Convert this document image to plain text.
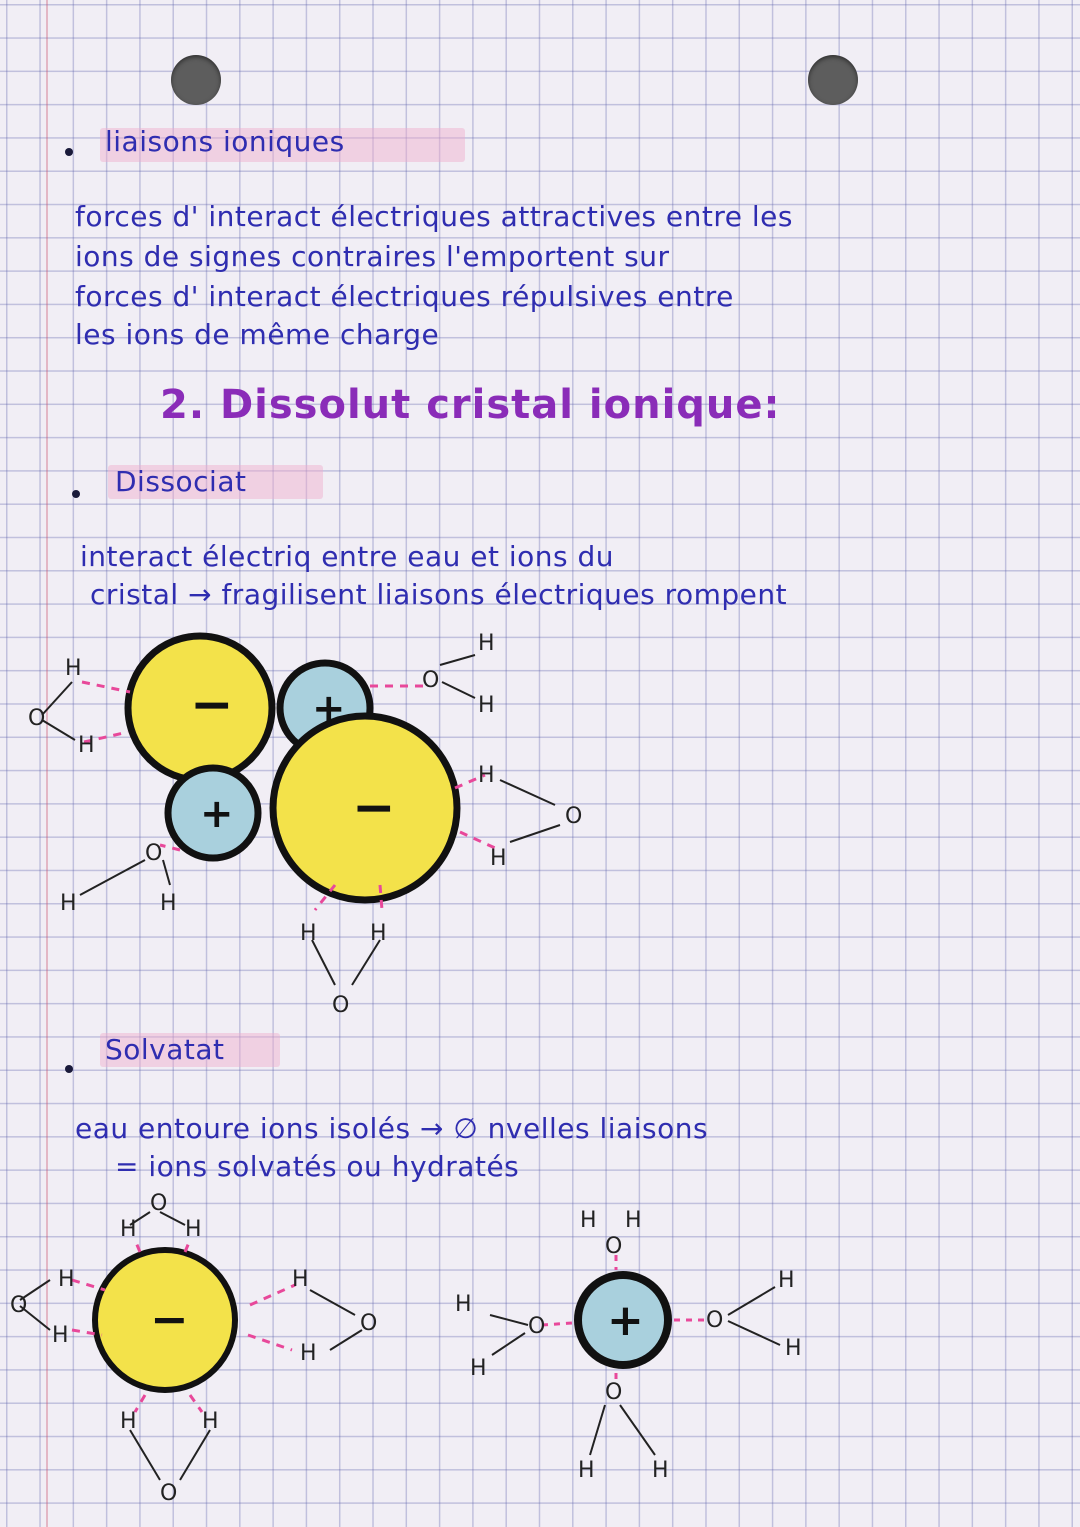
liaisons ioniques
forces d' interact électriques attractives entre les
ions de signes contraires l'emportent sur
forces d' interact électriques répulsives entre
les ions de même charge
2. Dissolut cristal ionique:
Dissociat
interact électriq entre eau et ions du
cristal → fragilisent liaisons électriques rompent
− +
+ −
H
O
H
O
H
H
H
O
H
O
H	H
H H
O
Solvatat
eau entoure ions isolés → ∅ nvelles liaisons
= ions solvatés ou hydratés
−
H
O
H
O
H H
H
O
H
H	H
O
+
H H
O
H
O
H
O
H
H
O
H	H
